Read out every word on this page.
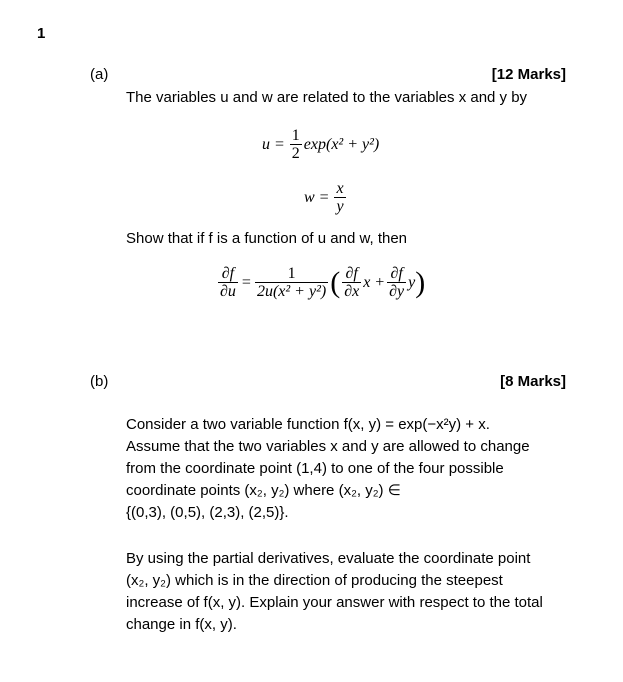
1
(a)	[12 Marks]
The variables u and w are related to the variables x and y by
$u = \frac{1}{2} \exp(x^2 + y^2)$
$w = \frac{x}{y}$
Show that if f is a function of u and w, then
$\frac{\partial f}{\partial u} = \frac{1}{\text{2u(x² + y²)}}$ ( $\frac{\partial f}{\partial x}$ $x + \frac{\partial f}{\partial y}$ y )
(b)	[8 Marks]
Consider a two variable function f(x, y) = exp(−x²y) + x.
Assume that the two variables x and y are allowed to change
from the coordinate point (1,4) to one of the four possible
coordinate points (x₂, y₂) where (x₂, y₂) ∈
{(0,3), (0,5), (2,3), (2,5)}.
By using the partial derivatives, evaluate the coordinate point
(x₂, y₂) which is in the direction of producing the steepest
increase of f(x, y). Explain your answer with respect to the total
change in f(x, y).
